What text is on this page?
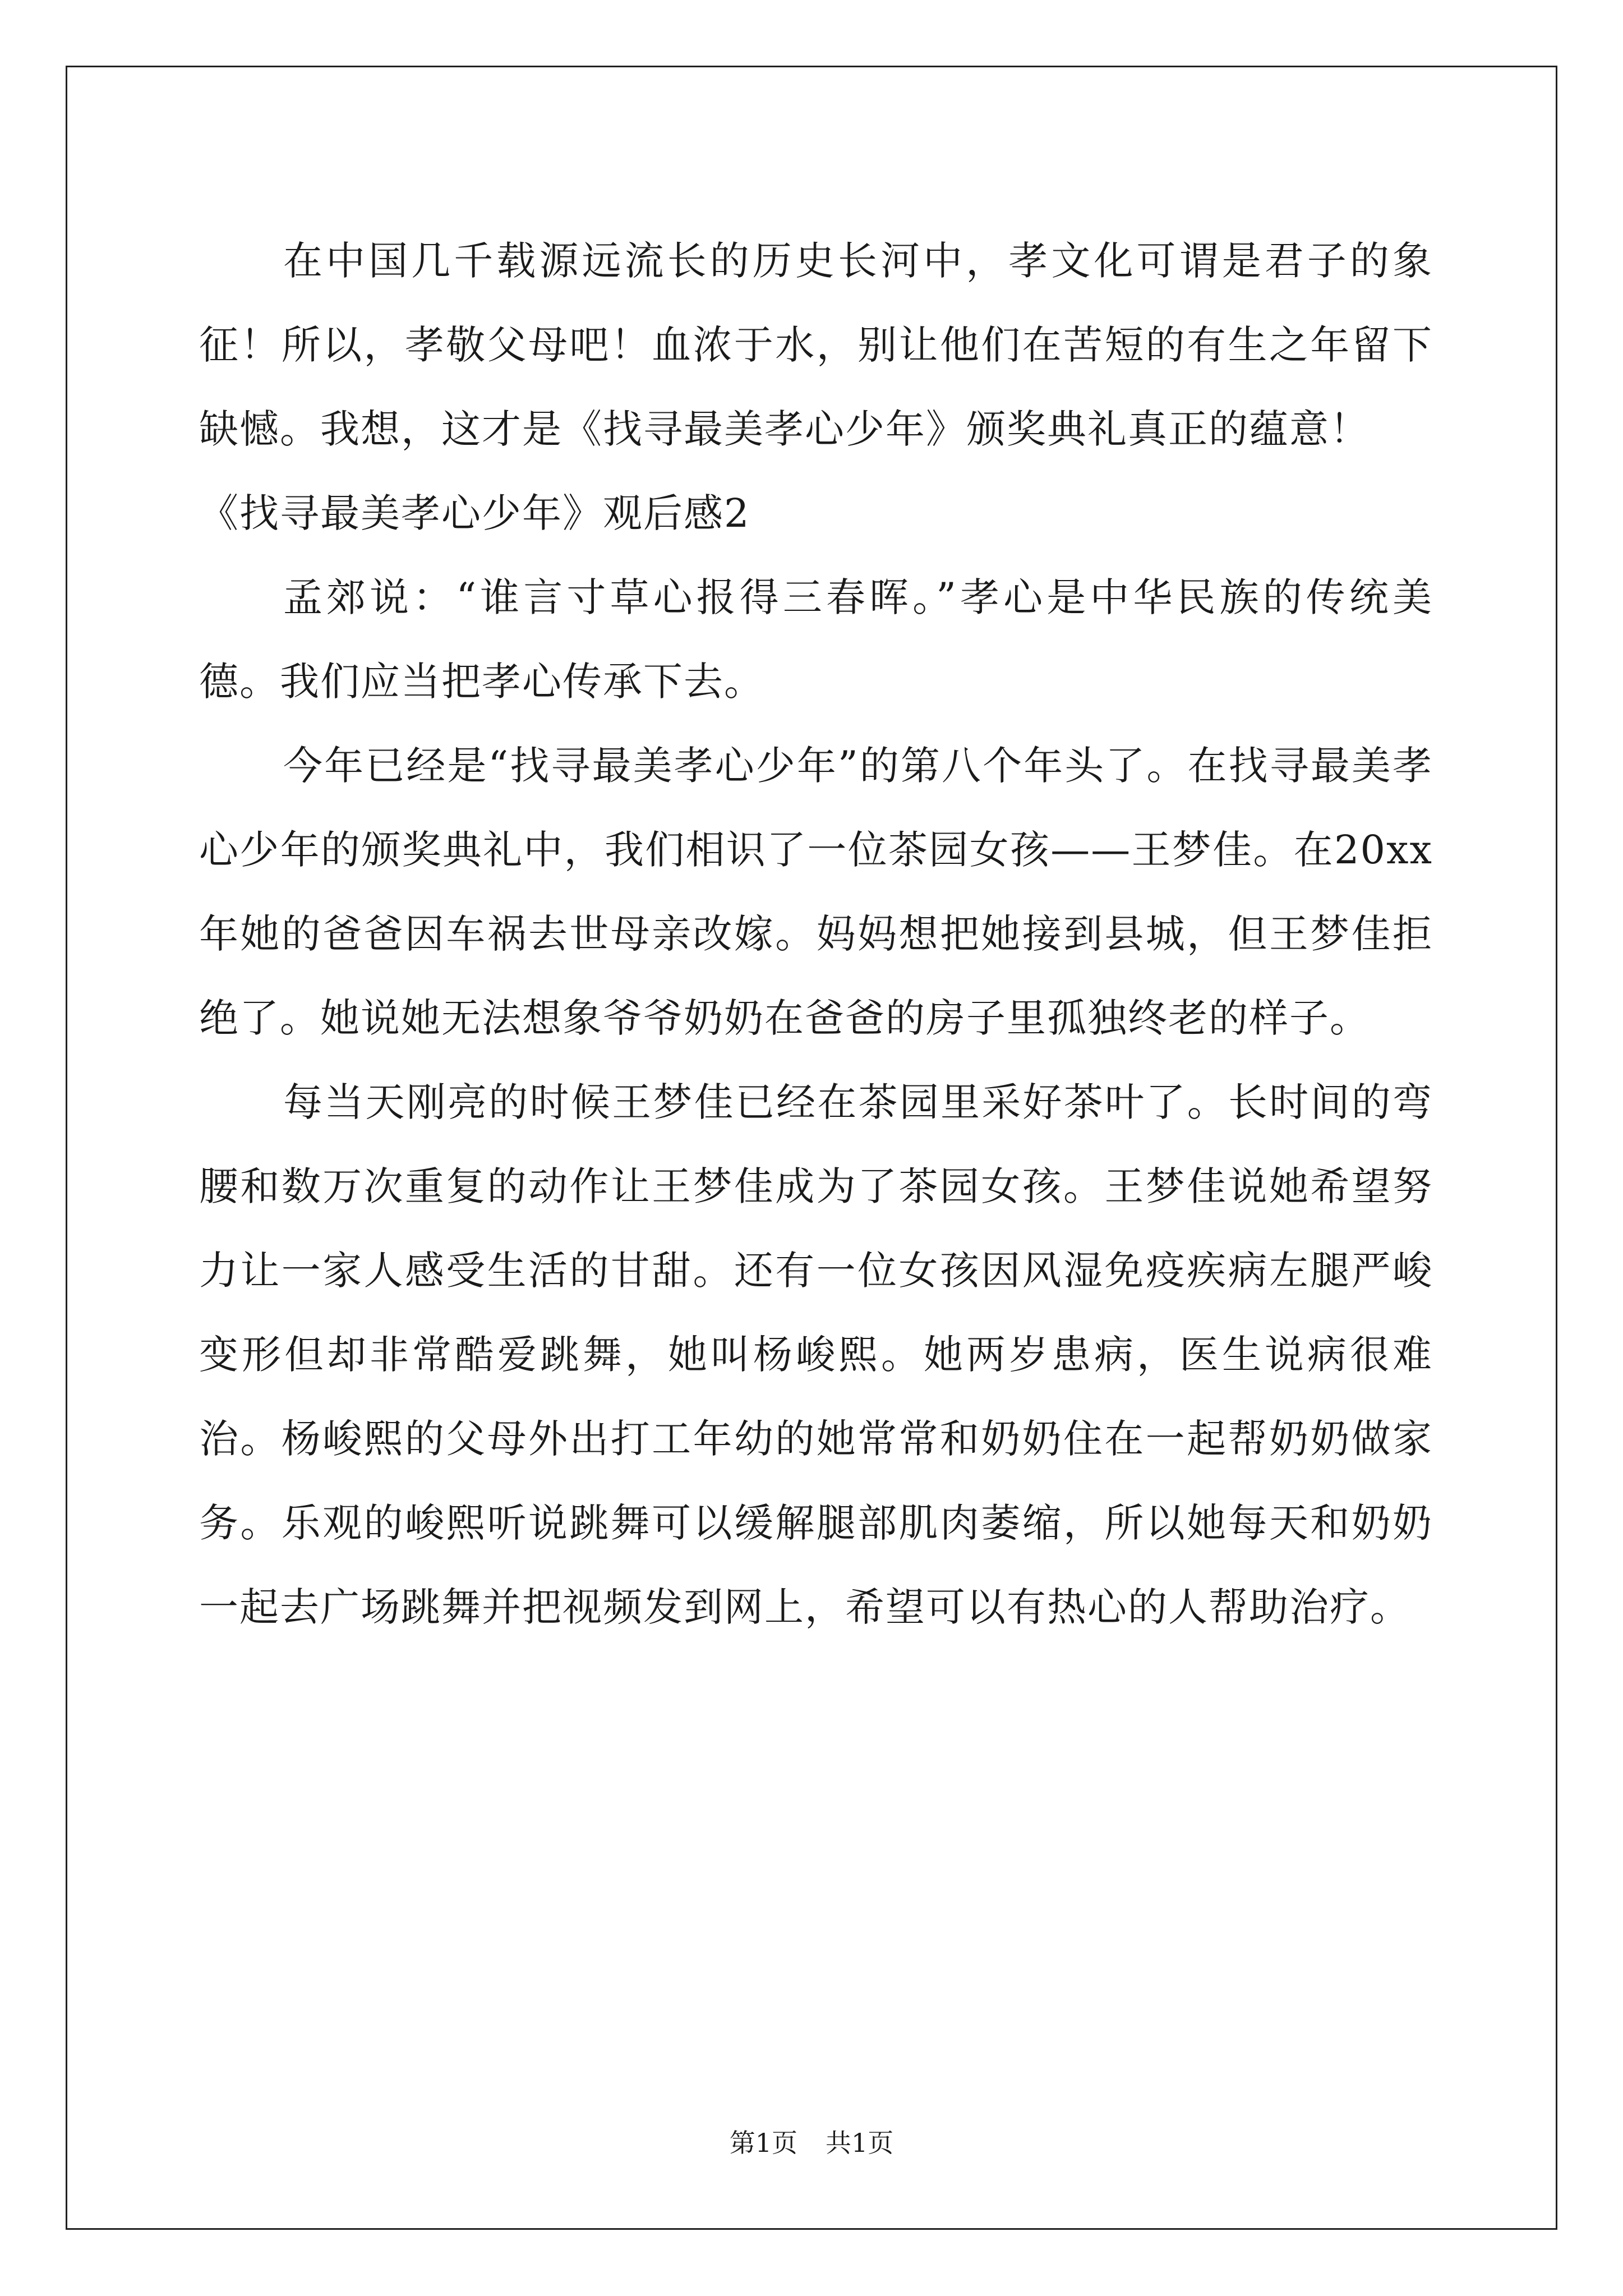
在中国几千载源远流长的历史长河中，孝文化可谓是君子的象征！所以，孝敬父母吧！血浓于水，别让他们在苦短的有生之年留下缺憾。我想，这才是《找寻最美孝心少年》颁奖典礼真正的蕴意！

《找寻最美孝心少年》观后感2

孟郊说：“谁言寸草心报得三春晖。”孝心是中华民族的传统美德。我们应当把孝心传承下去。

今年已经是“找寻最美孝心少年”的第八个年头了。在找寻最美孝心少年的颁奖典礼中，我们相识了一位茶园女孩——王梦佳。在20xx年她的爸爸因车祸去世母亲改嫁。妈妈想把她接到县城，但王梦佳拒绝了。她说她无法想象爷爷奶奶在爸爸的房子里孤独终老的样子。

每当天刚亮的时候王梦佳已经在茶园里采好茶叶了。长时间的弯腰和数万次重复的动作让王梦佳成为了茶园女孩。王梦佳说她希望努力让一家人感受生活的甘甜。还有一位女孩因风湿免疫疾病左腿严峻变形但却非常酷爱跳舞，她叫杨峻熙。她两岁患病，医生说病很难治。杨峻熙的父母外出打工年幼的她常常和奶奶住在一起帮奶奶做家务。乐观的峻熙听说跳舞可以缓解腿部肌肉萎缩，所以她每天和奶奶一起去广场跳舞并把视频发到网上，希望可以有热心的人帮助治疗。

第1页 共1页
